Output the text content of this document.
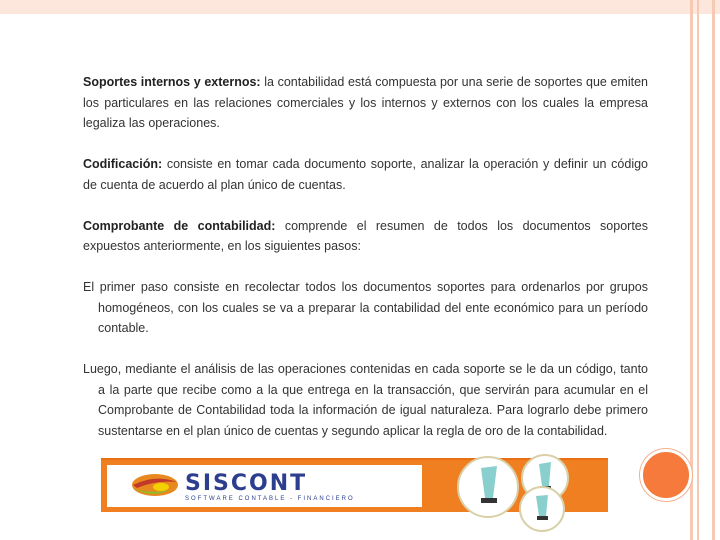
Soportes internos y externos: la contabilidad está compuesta por una serie de soportes que emiten los particulares en las relaciones comerciales y los internos y externos con los cuales la empresa legaliza las operaciones.

Codificación: consiste en tomar cada documento soporte, analizar la operación y definir un código de cuenta de acuerdo al plan único de cuentas.

Comprobante de contabilidad: comprende el resumen de todos los documentos soportes expuestos anteriormente, en los siguientes pasos:

El primer paso consiste en recolectar todos los documentos soportes para ordenarlos por grupos homogéneos, con los cuales se va a preparar la contabilidad del ente económico para un período contable.

Luego, mediante el análisis de las operaciones contenidas en cada soporte se le da un código, tanto a la parte que recibe como a la que entrega en la transacción, que servirán para acumular en el Comprobante de Contabilidad toda la información de igual naturaleza. Para lograrlo debe primero sustentarse en el plan único de cuentas y segundo aplicar la regla de oro de la contabilidad.

SISCONT
SOFTWARE CONTABLE - FINANCIERO
